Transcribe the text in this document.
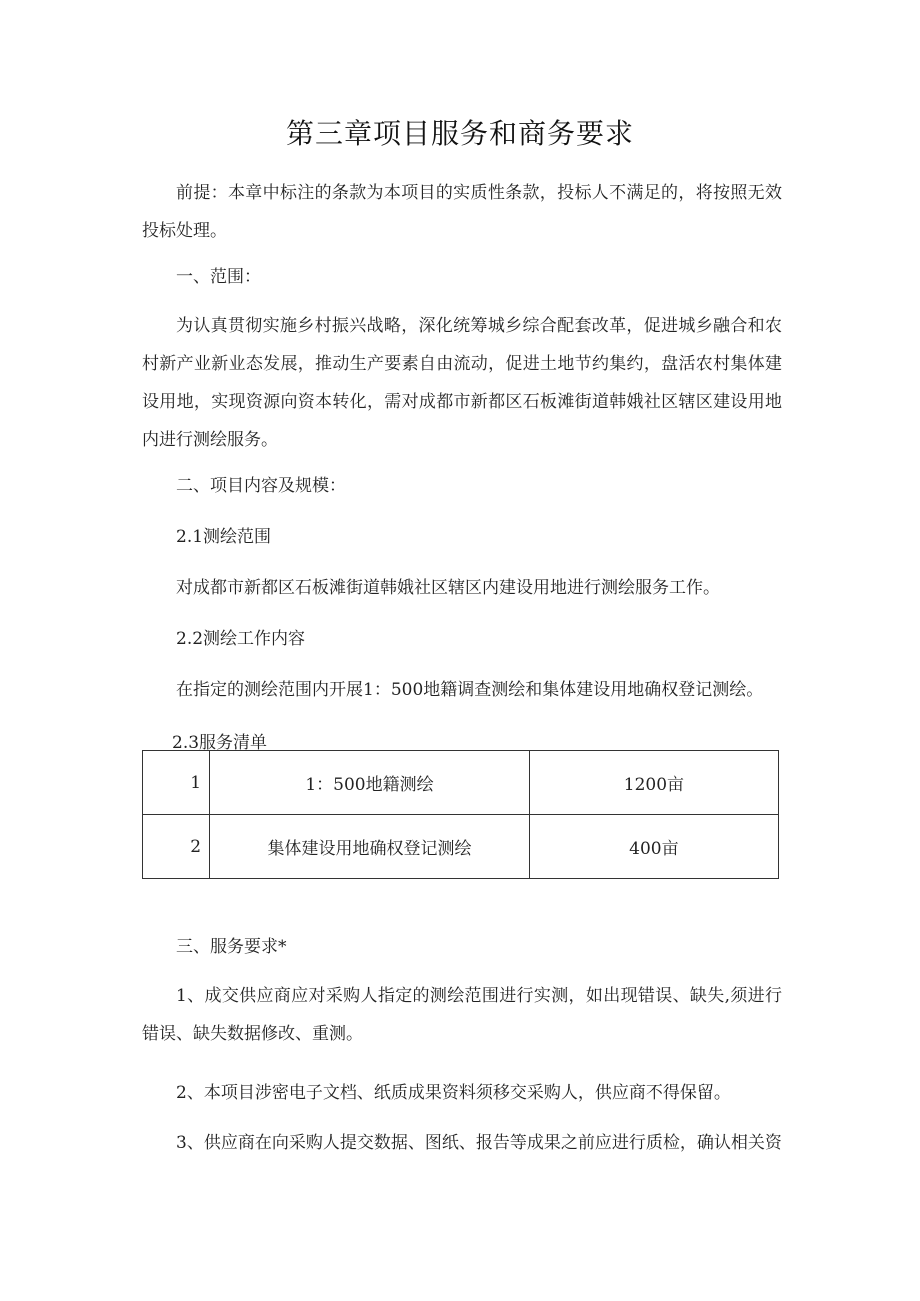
第三章项目服务和商务要求

前提：本章中标注的条款为本项目的实质性条款，投标人不满足的，将按照无效投标处理。

一、范围：

为认真贯彻实施乡村振兴战略，深化统筹城乡综合配套改革，促进城乡融合和农村新产业新业态发展，推动生产要素自由流动，促进土地节约集约，盘活农村集体建设用地，实现资源向资本转化，需对成都市新都区石板滩街道韩娥社区辖区建设用地内进行测绘服务。

二、项目内容及规模：

2.1测绘范围

对成都市新都区石板滩街道韩娥社区辖区内建设用地进行测绘服务工作。

2.2测绘工作内容

在指定的测绘范围内开展1：500地籍调查测绘和集体建设用地确权登记测绘。

2.3服务清单
1	1：500地籍测绘	1200亩
2	集体建设用地确权登记测绘	400亩

三、服务要求*

1、成交供应商应对采购人指定的测绘范围进行实测，如出现错误、缺失,须进行错误、缺失数据修改、重测。

2、本项目涉密电子文档、纸质成果资料须移交采购人，供应商不得保留。

3、供应商在向采购人提交数据、图纸、报告等成果之前应进行质检，确认相关资
